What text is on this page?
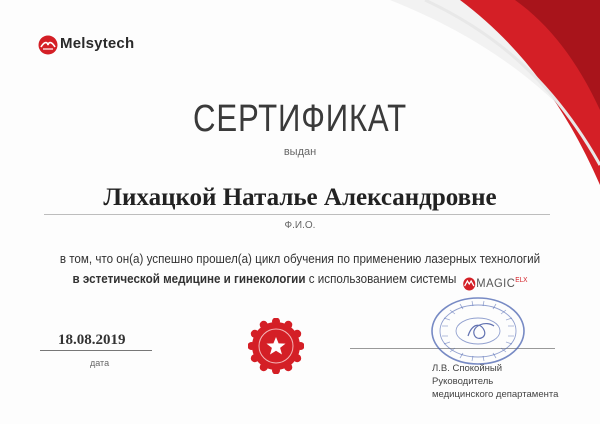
Melsytech
СЕРТИФИКАТ
выдан
Лихацкой Наталье Александровне
Ф.И.О.
в том, что он(а) успешно прошел(а) цикл обучения по применению лазерных технологий
в эстетической медицине и гинекологии с использованием системы $MAGIC^{ELX}$
18.08.2019
дата	Л.В. Спокойный
Руководитель
медицинского департамента
